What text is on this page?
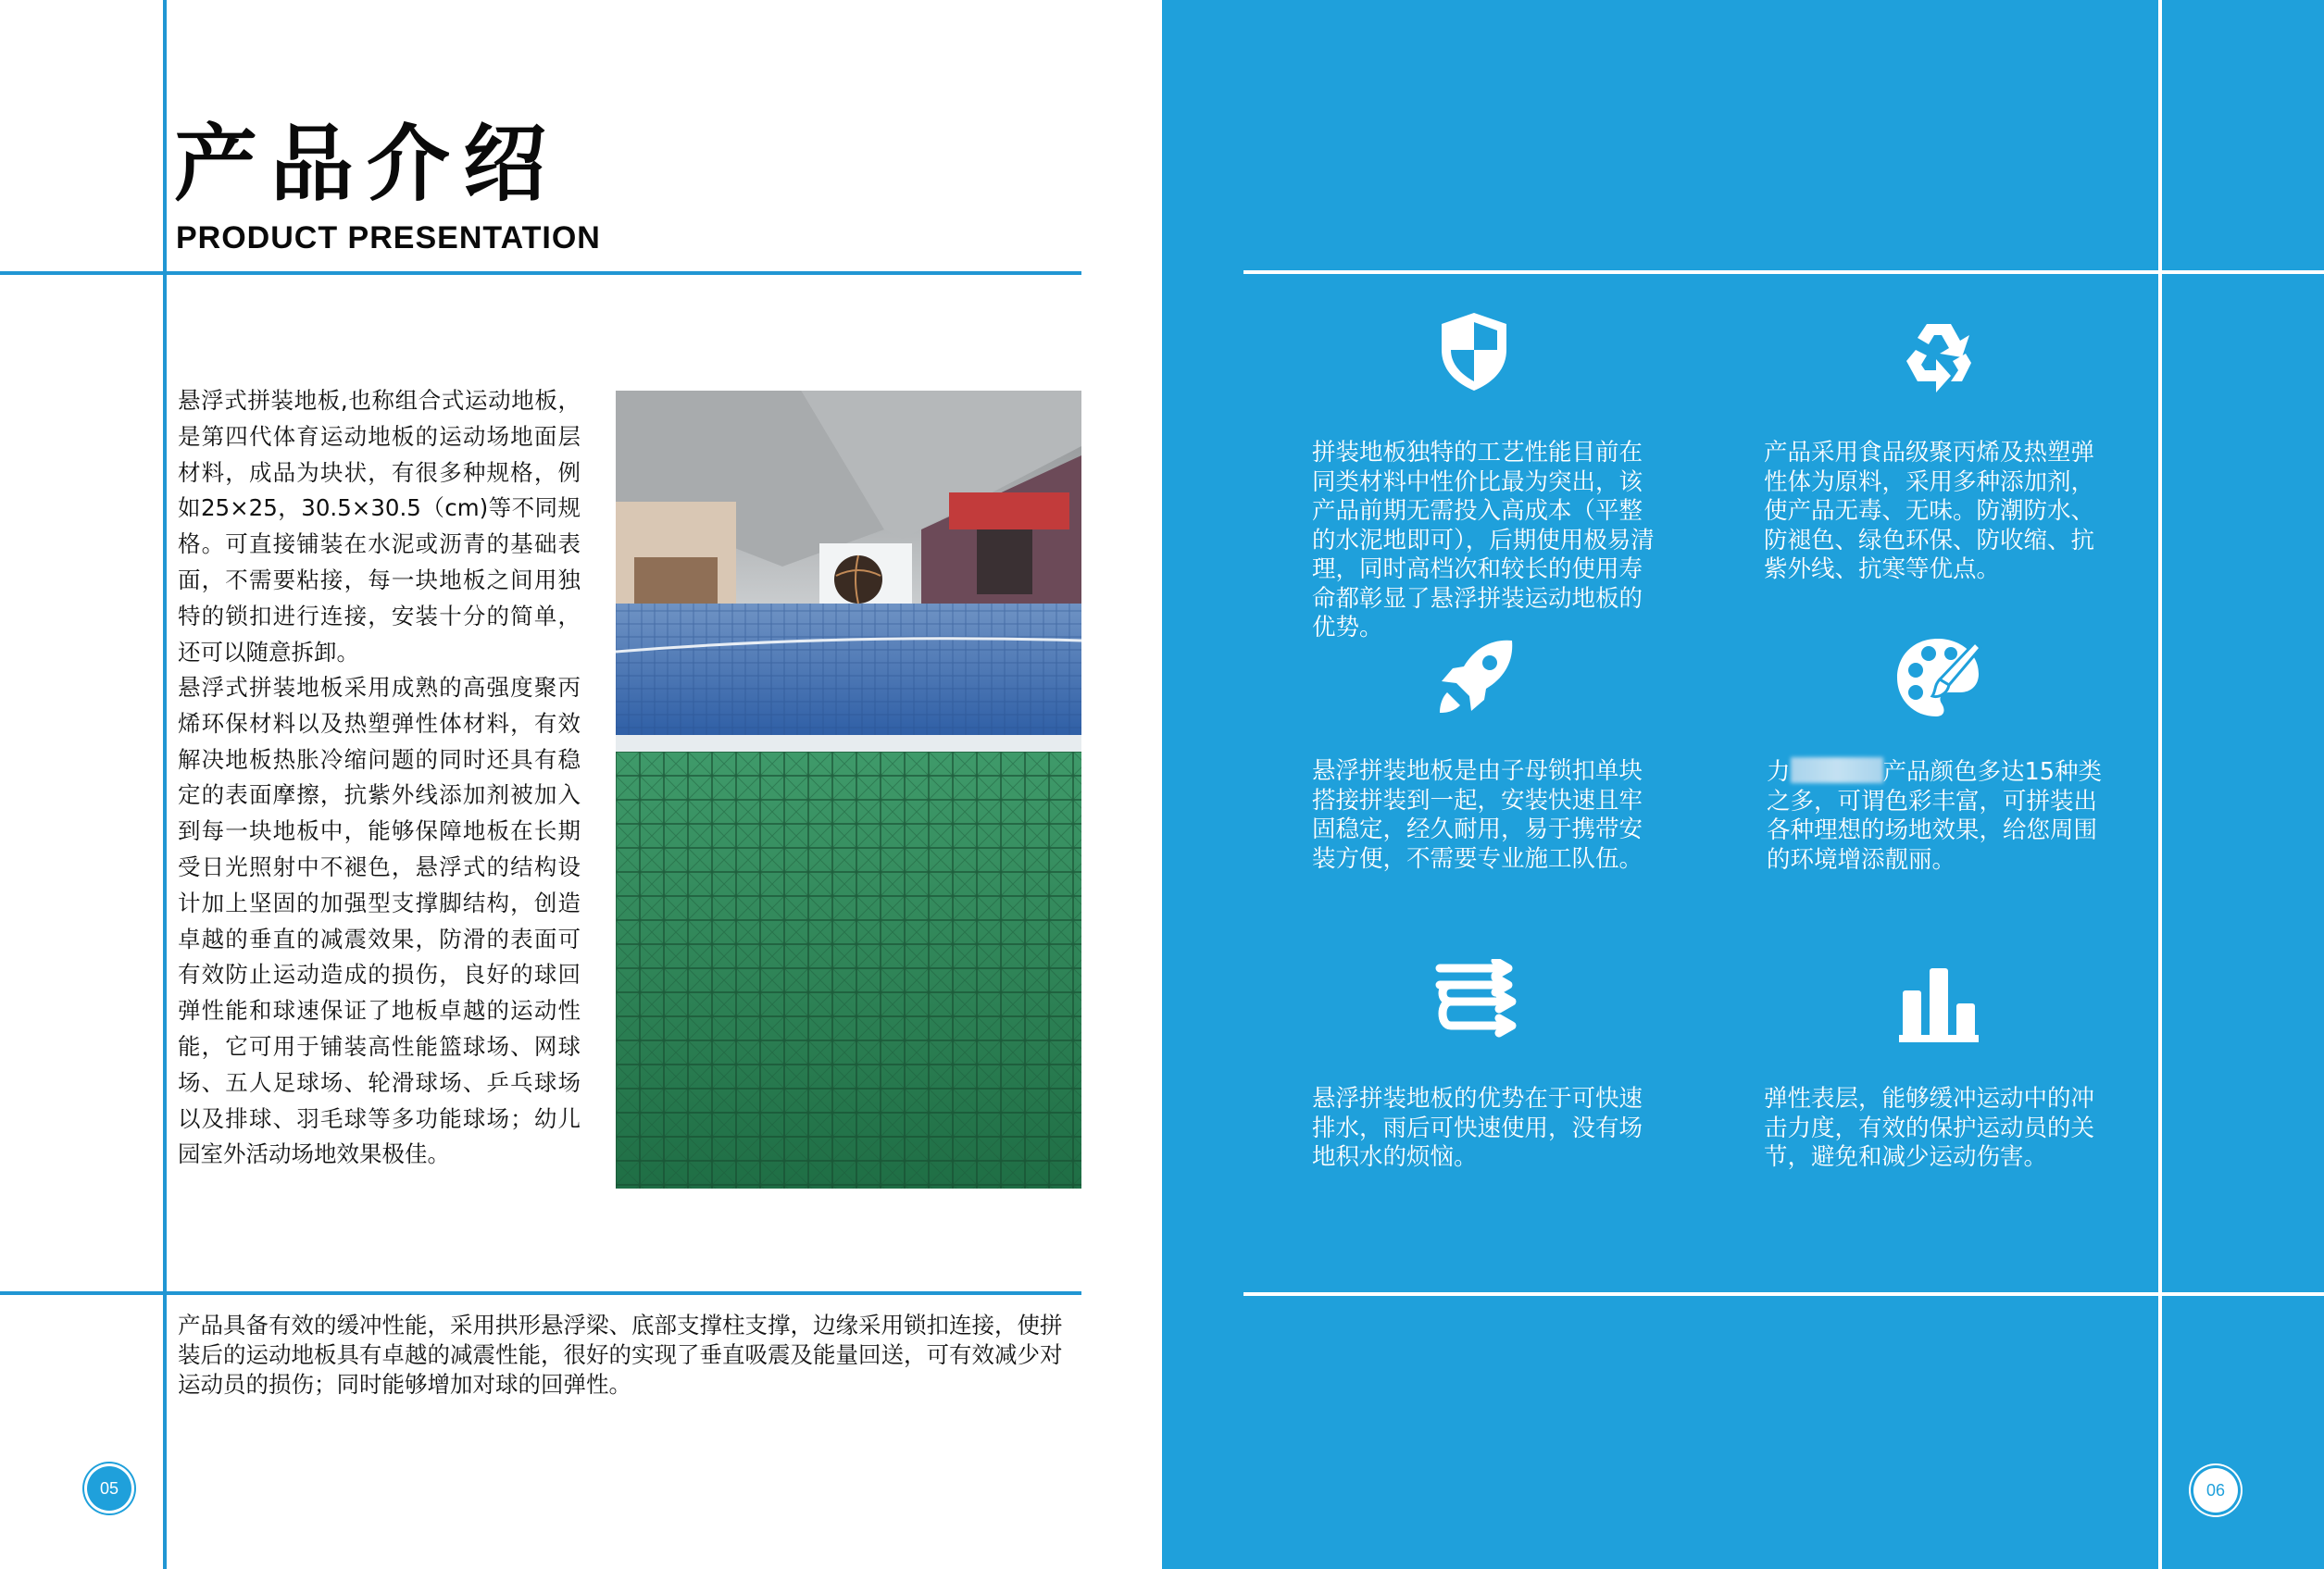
产品介绍
PRODUCT PRESENTATION
悬浮式拼装地板,也称组合式运动地板，是第四代体育运动地板的运动场地面层材料，成品为块状，有很多种规格，例如25×25，30.5×30.5（cm)等不同规格。可直接铺装在水泥或沥青的基础表面，不需要粘接，每一块地板之间用独特的锁扣进行连接，安装十分的简单，还可以随意拆卸。
悬浮式拼装地板采用成熟的高强度聚丙烯环保材料以及热塑弹性体材料，有效解决地板热胀冷缩问题的同时还具有稳定的表面摩擦，抗紫外线添加剂被加入到每一块地板中，能够保障地板在长期受日光照射中不褪色，悬浮式的结构设计加上坚固的加强型支撑脚结构，创造卓越的垂直的减震效果，防滑的表面可有效防止运动造成的损伤，良好的球回弹性能和球速保证了地板卓越的运动性能，它可用于铺装高性能篮球场、网球场、五人足球场、轮滑球场、乒乓球场以及排球、羽毛球等多功能球场；幼儿园室外活动场地效果极佳。
产品具备有效的缓冲性能，采用拱形悬浮梁、底部支撑柱支撑，边缘采用锁扣连接，使拼装后的运动地板具有卓越的减震性能，很好的实现了垂直吸震及能量回送，可有效减少对运动员的损伤；同时能够增加对球的回弹性。
05
拼装地板独特的工艺性能目前在同类材料中性价比最为突出，该产品前期无需投入高成本（平整的水泥地即可），后期使用极易清理，同时高档次和较长的使用寿命都彰显了悬浮拼装运动地板的优势。
产品采用食品级聚丙烯及热塑弹性体为原料，采用多种添加剂，使产品无毒、无味。防潮防水、防褪色、绿色环保、防收缩、抗紫外线、抗寒等优点。
悬浮拼装地板是由子母锁扣单块搭接拼装到一起，安装快速且牢固稳定，经久耐用，易于携带安装方便，不需要专业施工队伍。
力	产品颜色多达15种类之多，可谓色彩丰富，可拼装出各种理想的场地效果，给您周围的环境增添靓丽。
悬浮拼装地板的优势在于可快速排水，雨后可快速使用，没有场地积水的烦恼。
弹性表层，能够缓冲运动中的冲击力度，有效的保护运动员的关节，避免和减少运动伤害。
06
